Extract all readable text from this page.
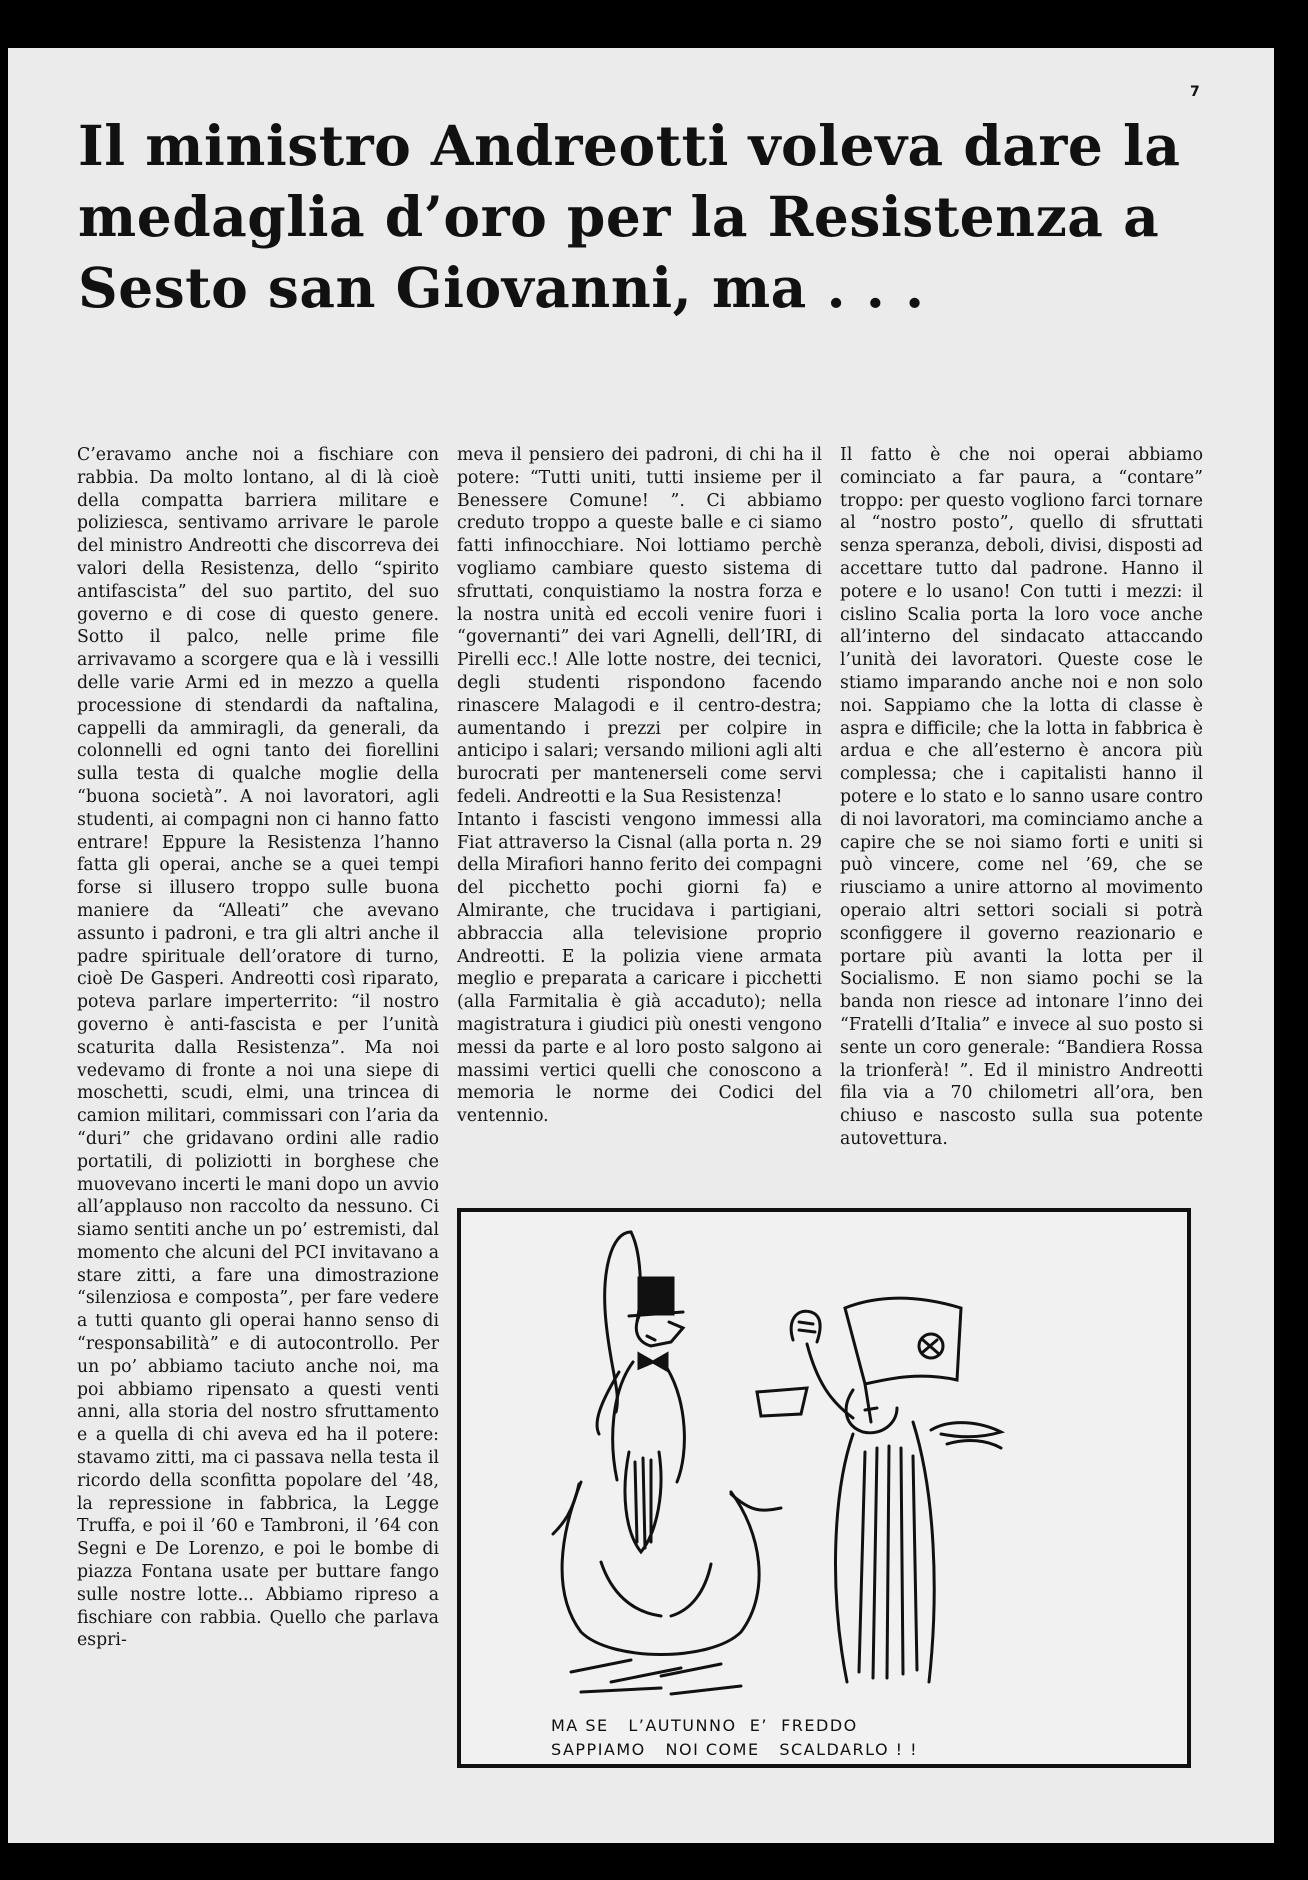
7
Il ministro Andreotti voleva dare la medaglia d’oro per la Resistenza a Sesto san Giovanni, ma . . .
C’eravamo anche noi a fischiare con rabbia. Da molto lontano, al di là cioè della compatta barriera militare e poliziesca, sentivamo arrivare le parole del ministro Andreotti che discorreva dei valori della Resistenza, dello “spirito antifascista” del suo partito, del suo governo e di cose di questo genere. Sotto il palco, nelle prime file arrivavamo a scorgere qua e là i vessilli delle varie Armi ed in mezzo a quella processione di stendardi da naftalina, cappelli da ammiragli, da generali, da colonnelli ed ogni tanto dei fiorellini sulla testa di qualche moglie della “buona società”. A noi lavoratori, agli studenti, ai compagni non ci hanno fatto entrare! Eppure la Resistenza l’hanno fatta gli operai, anche se a quei tempi forse si illusero troppo sulle buona maniere da “Alleati” che avevano assunto i padroni, e tra gli altri anche il padre spirituale dell’oratore di turno, cioè De Gasperi. Andreotti così riparato, poteva parlare imperterrito: “il nostro governo è anti-fascista e per l’unità scaturita dalla Resistenza”. Ma noi vedevamo di fronte a noi una siepe di moschetti, scudi, elmi, una trincea di camion militari, commissari con l’aria da “duri” che gridavano ordini alle radio portatili, di poliziotti in borghese che muovevano incerti le mani dopo un avvio all’applauso non raccolto da nessuno. Ci siamo sentiti anche un po’ estremisti, dal momento che alcuni del PCI invitavano a stare zitti, a fare una dimostrazione “silenziosa e composta”, per fare vedere a tutti quanto gli operai hanno senso di “responsabilità” e di autocontrollo. Per un po’ abbiamo taciuto anche noi, ma poi abbiamo ripensato a questi venti anni, alla storia del nostro sfruttamento e a quella di chi aveva ed ha il potere: stavamo zitti, ma ci passava nella testa il ricordo della sconfitta popolare del ’48, la repressione in fabbrica, la Legge Truffa, e poi il ’60 e Tambroni, il ’64 con Segni e De Lorenzo, e poi le bombe di piazza Fontana usate per buttare fango sulle nostre lotte... Abbiamo ripreso a fischiare con rabbia. Quello che parlava espri-
meva il pensiero dei padroni, di chi ha il potere: “Tutti uniti, tutti insieme per il Benessere Comune! ”. Ci abbiamo creduto troppo a queste balle e ci siamo fatti infinocchiare. Noi lottiamo perchè vogliamo cambiare questo sistema di sfruttati, conquistiamo la nostra forza e la nostra unità ed eccoli venire fuori i “governanti” dei vari Agnelli, dell’IRI, di Pirelli ecc.! Alle lotte nostre, dei tecnici, degli studenti rispondono facendo rinascere Malagodi e il centro-destra; aumentando i prezzi per colpire in anticipo i salari; versando milioni agli alti burocrati per mantenerseli come servi fedeli. Andreotti e la Sua Resistenza!
Intanto i fascisti vengono immessi alla Fiat attraverso la Cisnal (alla porta n. 29 della Mirafiori hanno ferito dei compagni del picchetto pochi giorni fa) e Almirante, che trucidava i partigiani, abbraccia alla televisione proprio Andreotti. E la polizia viene armata meglio e preparata a caricare i picchetti (alla Farmitalia è già accaduto); nella magistratura i giudici più onesti vengono messi da parte e al loro posto salgono ai massimi vertici quelli che conoscono a memoria le norme dei Codici del ventennio.
Il fatto è che noi operai abbiamo cominciato a far paura, a “contare” troppo: per questo vogliono farci tornare al “nostro posto”, quello di sfruttati senza speranza, deboli, divisi, disposti ad accettare tutto dal padrone. Hanno il potere e lo usano! Con tutti i mezzi: il cislino Scalia porta la loro voce anche all’interno del sindacato attaccando l’unità dei lavoratori. Queste cose le stiamo imparando anche noi e non solo noi. Sappiamo che la lotta di classe è aspra e difficile; che la lotta in fabbrica è ardua e che all’esterno è ancora più complessa; che i capitalisti hanno il potere e lo stato e lo sanno usare contro di noi lavoratori, ma cominciamo anche a capire che se noi siamo forti e uniti si può vincere, come nel ’69, che se riusciamo a unire attorno al movimento operaio altri settori sociali si potrà sconfiggere il governo reazionario e portare più avanti la lotta per il Socialismo. E non siamo pochi se la banda non riesce ad intonare l’inno dei “Fratelli d’Italia” e invece al suo posto si sente un coro generale: “Bandiera Rossa la trionferà! ”. Ed il ministro Andreotti fila via a 70 chilometri all’ora, ben chiuso e nascosto sulla sua potente autovettura.
MA SE   L’AUTUNNO  E’  FREDDO
SAPPIAMO   NOI COME   SCALDARLO ! !
